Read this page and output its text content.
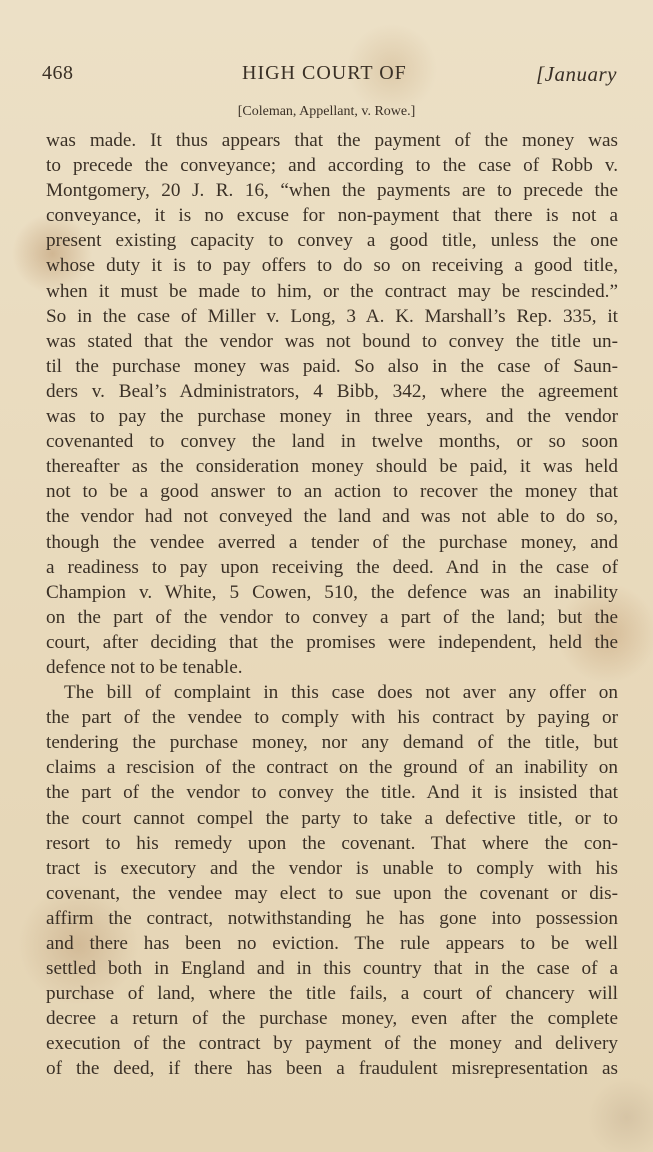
468	HIGH COURT OF	[January
[Coleman, Appellant, v. Rowe.]
was made. It thus appears that the payment of the money was
to precede the conveyance; and according to the case of Robb v.
Montgomery, 20 J. R. 16, “when the payments are to precede the
conveyance, it is no excuse for non-payment that there is not a
present existing capacity to convey a good title, unless the one
whose duty it is to pay offers to do so on receiving a good title,
when it must be made to him, or the contract may be rescinded.”
So in the case of Miller v. Long, 3 A. K. Marshall’s Rep. 335, it
was stated that the vendor was not bound to convey the title un-
til the purchase money was paid. So also in the case of Saun-
ders v. Beal’s Administrators, 4 Bibb, 342, where the agreement
was to pay the purchase money in three years, and the vendor
covenanted to convey the land in twelve months, or so soon
thereafter as the consideration money should be paid, it was held
not to be a good answer to an action to recover the money that
the vendor had not conveyed the land and was not able to do so,
though the vendee averred a tender of the purchase money, and
a readiness to pay upon receiving the deed. And in the case of
Champion v. White, 5 Cowen, 510, the defence was an inability
on the part of the vendor to convey a part of the land; but the
court, after deciding that the promises were independent, held the
defence not to be tenable.
The bill of complaint in this case does not aver any offer on
the part of the vendee to comply with his contract by paying or
tendering the purchase money, nor any demand of the title, but
claims a rescision of the contract on the ground of an inability on
the part of the vendor to convey the title. And it is insisted that
the court cannot compel the party to take a defective title, or to
resort to his remedy upon the covenant. That where the con-
tract is executory and the vendor is unable to comply with his
covenant, the vendee may elect to sue upon the covenant or dis-
affirm the contract, notwithstanding he has gone into possession
and there has been no eviction. The rule appears to be well
settled both in England and in this country that in the case of a
purchase of land, where the title fails, a court of chancery will
decree a return of the purchase money, even after the complete
execution of the contract by payment of the money and delivery
of the deed, if there has been a fraudulent misrepresentation as
